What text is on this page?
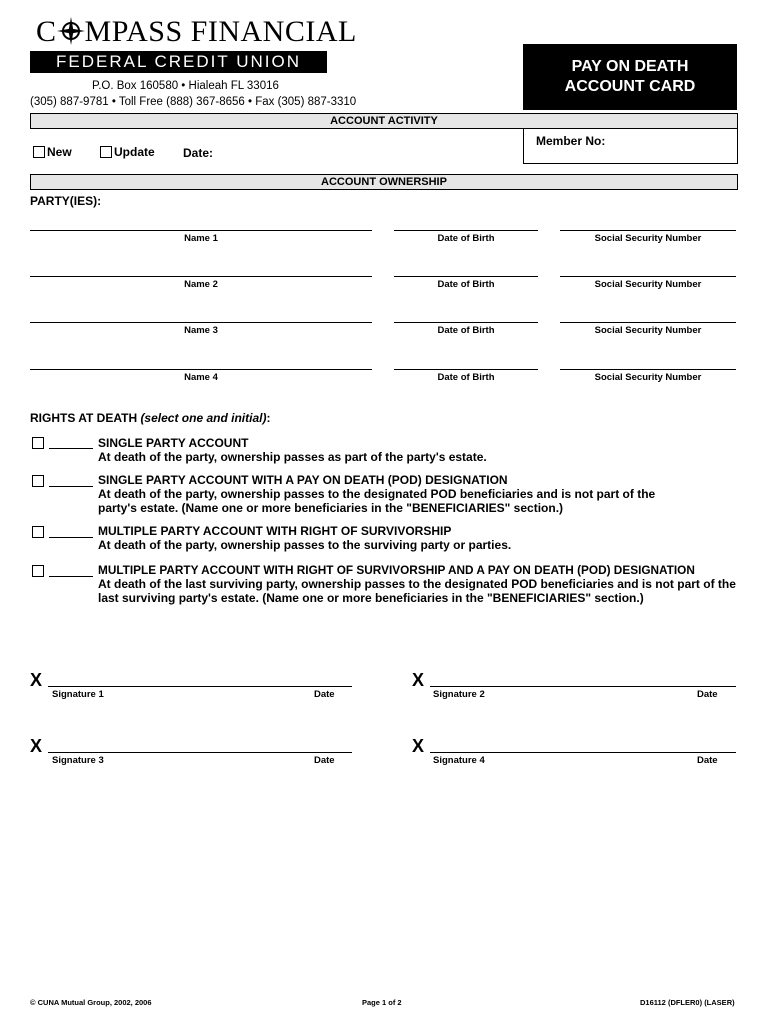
C MPASS FINANCIAL
FEDERAL CREDIT UNION
P.O. Box 160580 • Hialeah FL 33016
(305) 887-9781 • Toll Free (888) 367-8656 • Fax (305) 887-3310
PAY ON DEATH
ACCOUNT CARD
ACCOUNT ACTIVITY
Member No:
New	Update Date:
ACCOUNT OWNERSHIP
PARTY(IES):
Name 1	Date of Birth	Social Security Number
Name 2	Date of Birth	Social Security Number
Name 3	Date of Birth	Social Security Number
Name 4	Date of Birth	Social Security Number
RIGHTS AT DEATH (select one and initial):
SINGLE PARTY ACCOUNT
At death of the party, ownership passes as part of the party's estate.
SINGLE PARTY ACCOUNT WITH A PAY ON DEATH (POD) DESIGNATION
At death of the party, ownership passes to the designated POD beneficiaries and is not part of the party's estate. (Name one or more beneficiaries in the "BENEFICIARIES" section.)
MULTIPLE PARTY ACCOUNT WITH RIGHT OF SURVIVORSHIP
At death of the party, ownership passes to the surviving party or parties.
MULTIPLE PARTY ACCOUNT WITH RIGHT OF SURVIVORSHIP AND A PAY ON DEATH (POD) DESIGNATION
At death of the last surviving party, ownership passes to the designated POD beneficiaries and is not part of the last surviving party's estate. (Name one or more beneficiaries in the "BENEFICIARIES" section.)
X
Signature 1	Date
X
Signature 2	Date
X
Signature 3	Date
X
Signature 4	Date
© CUNA Mutual Group, 2002, 2006	Page 1 of 2	D16112 (DFLER0) (LASER)
